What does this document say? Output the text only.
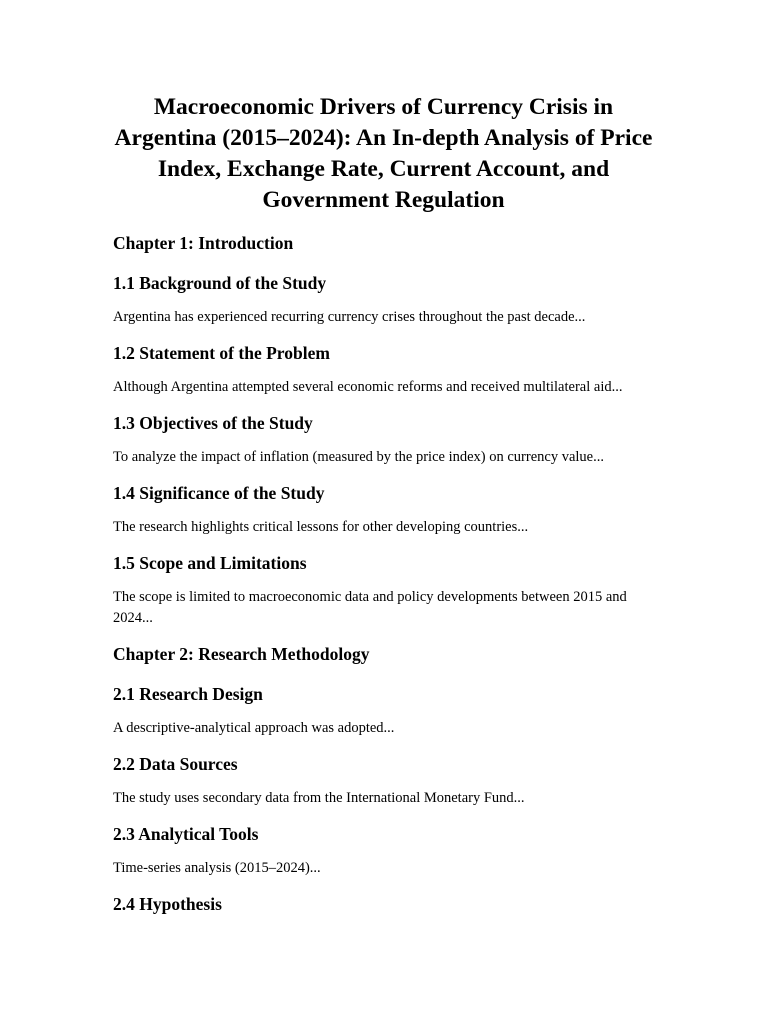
Macroeconomic Drivers of Currency Crisis in Argentina (2015–2024): An In-depth Analysis of Price Index, Exchange Rate, Current Account, and Government Regulation
Chapter 1: Introduction
1.1 Background of the Study

Argentina has experienced recurring currency crises throughout the past decade...

1.2 Statement of the Problem

Although Argentina attempted several economic reforms and received multilateral aid...

1.3 Objectives of the Study

To analyze the impact of inflation (measured by the price index) on currency value...

1.4 Significance of the Study

The research highlights critical lessons for other developing countries...

1.5 Scope and Limitations

The scope is limited to macroeconomic data and policy developments between 2015 and 2024...

Chapter 2: Research Methodology
2.1 Research Design

A descriptive-analytical approach was adopted...

2.2 Data Sources

The study uses secondary data from the International Monetary Fund...

2.3 Analytical Tools

Time-series analysis (2015–2024)...

2.4 Hypothesis
